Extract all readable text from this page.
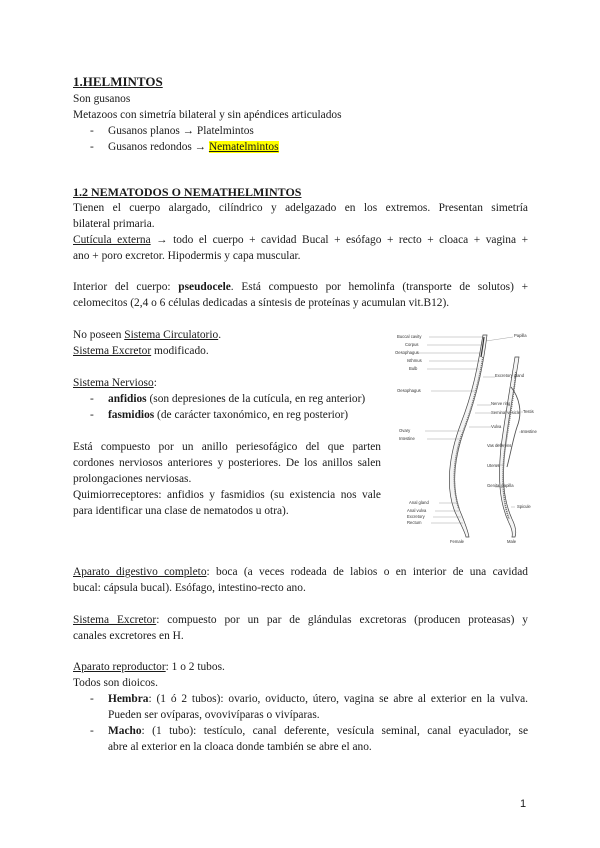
1.HELMINTOS
Son gusanos
Metazoos con simetría bilateral y sin apéndices articulados
- Gusanos planos → Platelmintos
- Gusanos redondos → Nematelmintos
1.2 NEMATODOS O NEMATHELMINTOS
Tienen el cuerpo alargado, cilíndrico y adelgazado en los extremos. Presentan simetría
bilateral primaria.
Cutícula externa → todo el cuerpo + cavidad Bucal + esófago + recto + cloaca + vagina +
ano + poro excretor. Hipodermis y capa muscular.
Interior del cuerpo: pseudocele. Está compuesto por hemolinfa (transporte de solutos) +
celomecitos (2,4 o 6 células dedicadas a síntesis de proteínas y acumulan vit.B12).
No poseen Sistema Circulatorio.
Sistema Excretor modificado.
Sistema Nervioso:
- anfidios (son depresiones de la cutícula, en reg anterior)
- fasmidios (de carácter taxonómico, en reg posterior)
Está compuesto por un anillo periesofágico del que parten
cordones nerviosos anteriores y posteriores. De los anillos salen
prolongaciones nerviosas.
Quimiorreceptores: anfidios y fasmidios (su existencia nos vale
para identificar una clase de nematodos u otra).
Buccal cavity
Corpus
Oesophagus
Isthmus
Bulb
Oesophagus
Ovary
Intestine
Anal gland
Anal vulva
Excretory
Rectum
Papilla
Excretory gland
Nerve ring
Seminal vesicle
Vulva
Vas deferens
Uterus
Genital papilla
Spicule
Testis
Intestine
Female	Male
Aparato digestivo completo: boca (a veces rodeada de labios o en interior de una cavidad
bucal: cápsula bucal). Esófago, intestino-recto ano.
Sistema Excretor: compuesto por un par de glándulas excretoras (producen proteasas) y
canales excretores en H.
Aparato reproductor: 1 o 2 tubos.
Todos son dioicos.
- Hembra: (1 ó 2 tubos): ovario, oviducto, útero, vagina se abre al exterior en la vulva.
Pueden ser ovíparas, ovovivíparas o vivíparas.
- Macho: (1 tubo): testículo, canal deferente, vesícula seminal, canal eyaculador, se
abre al exterior en la cloaca donde también se abre el ano.
1
